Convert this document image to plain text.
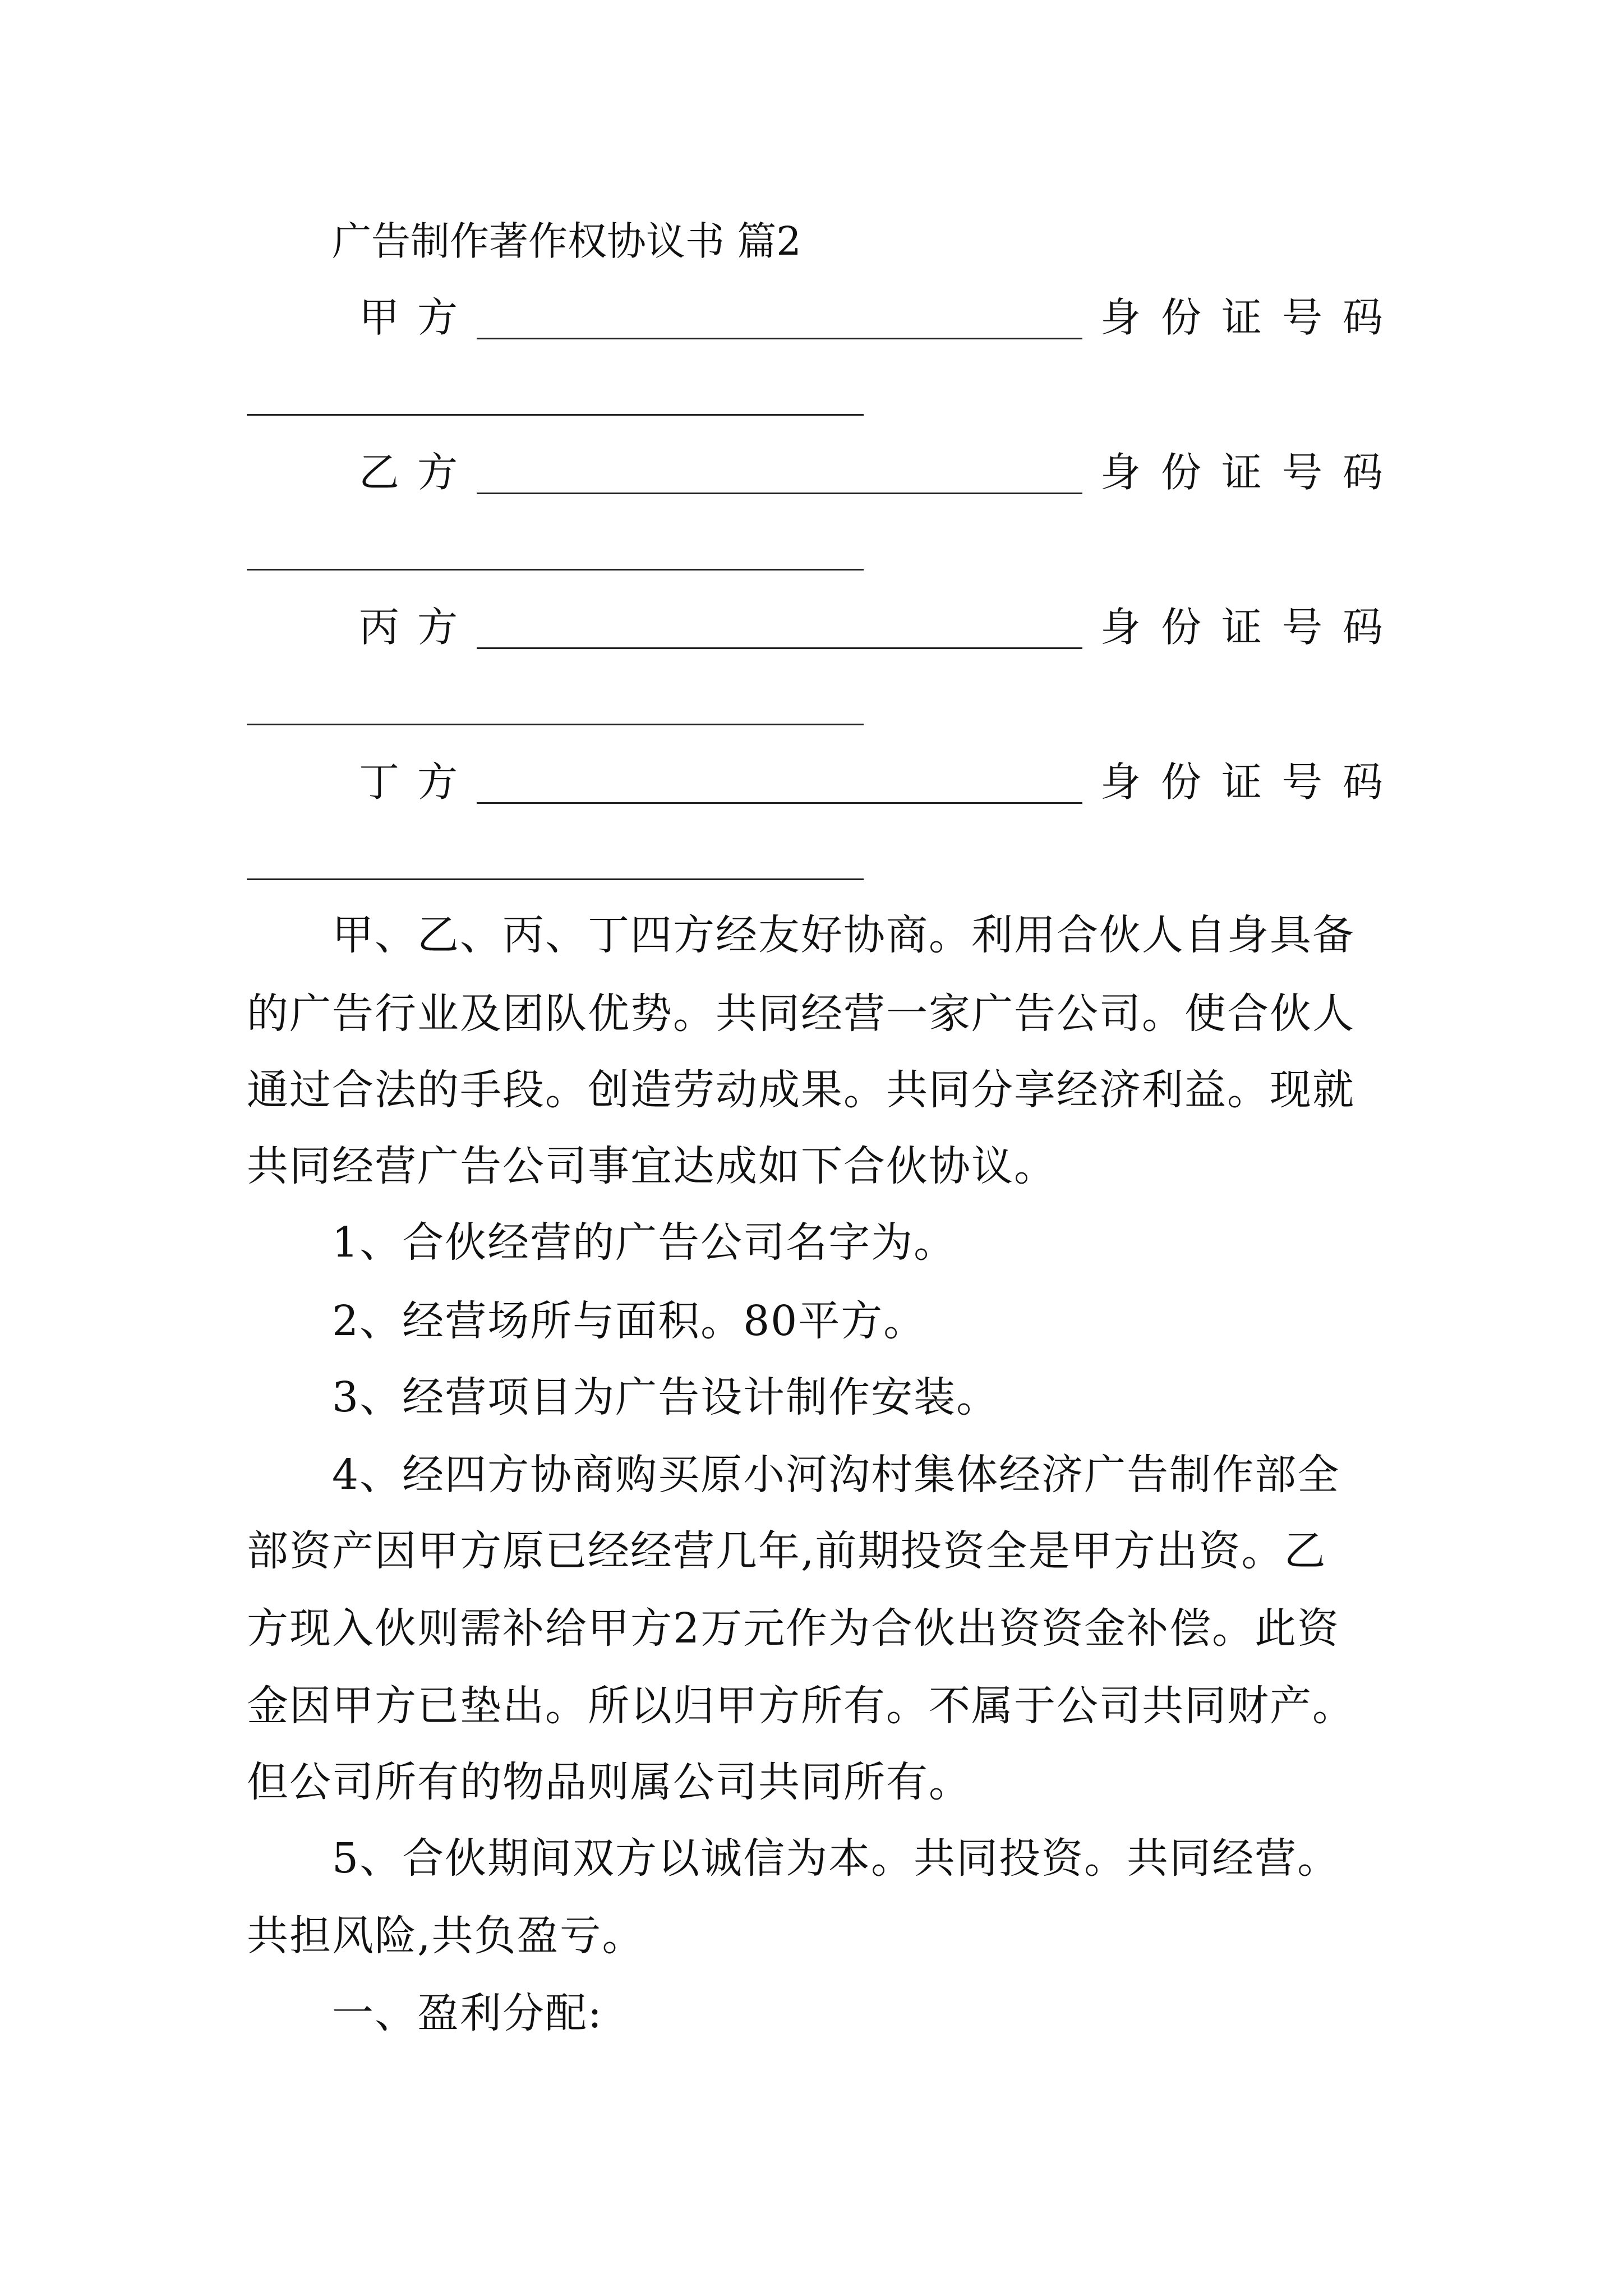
广告制作著作权协议书 篇2
甲方	身份证号码
乙方	身份证号码
丙方	身份证号码
丁方	身份证号码
甲、乙、丙、丁四方经友好协商。利用合伙人自身具备
的广告行业及团队优势。共同经营一家广告公司。使合伙人
通过合法的手段。创造劳动成果。共同分享经济利益。现就
共同经营广告公司事宜达成如下合伙协议。
1、合伙经营的广告公司名字为。
2、经营场所与面积。80平方。
3、经营项目为广告设计制作安装。
4、经四方协商购买原小河沟村集体经济广告制作部全
部资产因甲方原已经经营几年,前期投资全是甲方出资。乙
方现入伙则需补给甲方2万元作为合伙出资资金补偿。此资
金因甲方已垫出。所以归甲方所有。不属于公司共同财产。
但公司所有的物品则属公司共同所有。
5、合伙期间双方以诚信为本。共同投资。共同经营。
共担风险,共负盈亏。
一、盈利分配:
